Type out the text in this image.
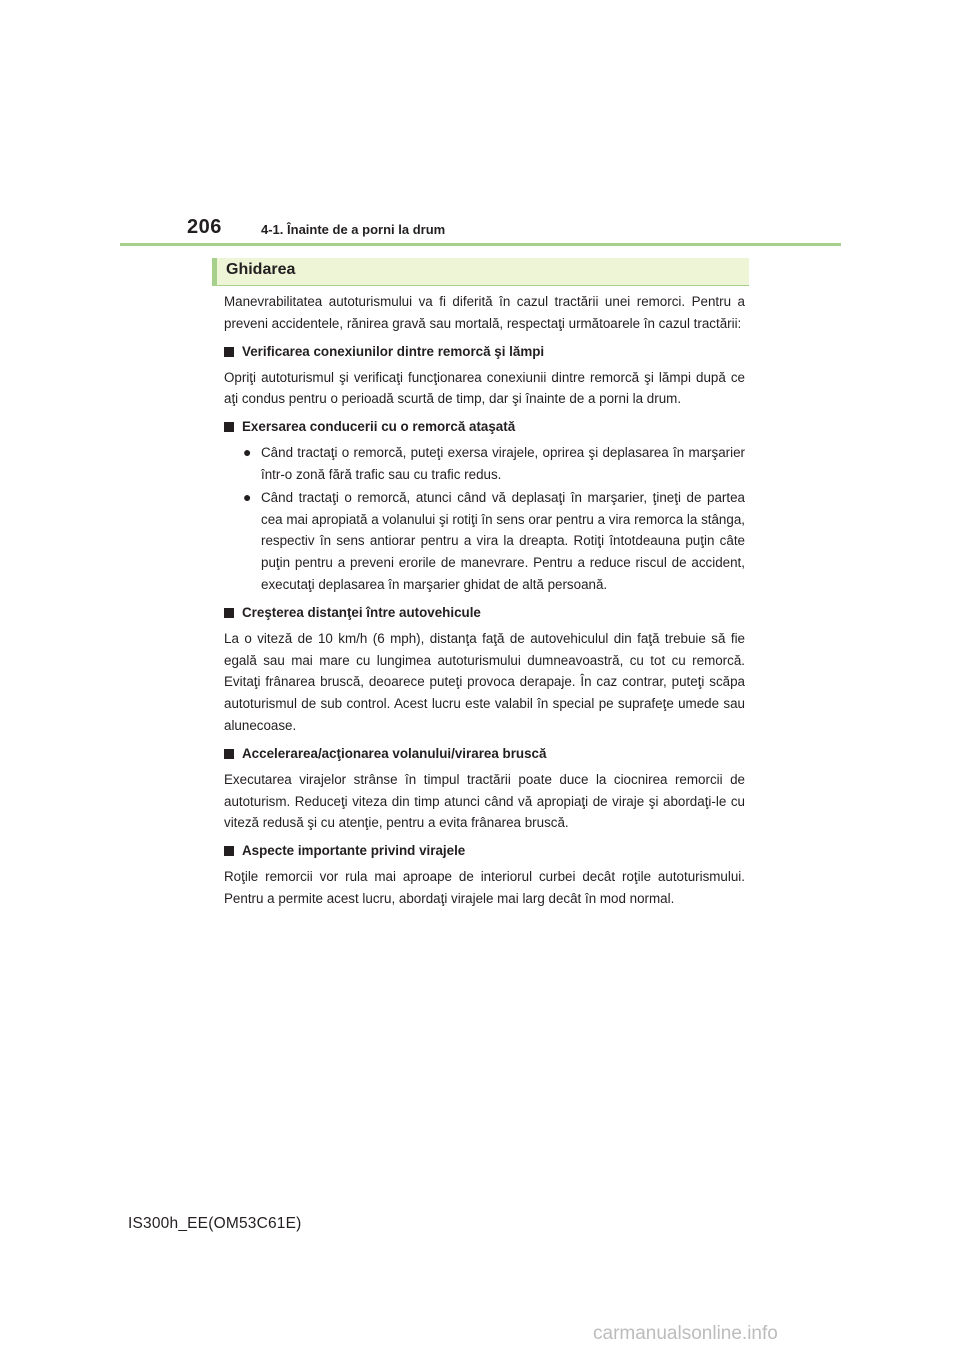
206	4-1. Înainte de a porni la drum
Ghidarea

Manevrabilitatea autoturismului va fi diferită în cazul tractării unei remorci. Pentru a preveni accidentele, rănirea gravă sau mortală, respectaţi următoarele în cazul tractării:

Verificarea conexiunilor dintre remorcă şi lămpi

Opriţi autoturismul şi verificaţi funcţionarea conexiunii dintre remorcă şi lămpi după ce aţi condus pentru o perioadă scurtă de timp, dar şi înainte de a porni la drum.

Exersarea conducerii cu o remorcă ataşată
● Când tractaţi o remorcă, puteţi exersa virajele, oprirea şi deplasarea în marşarier într-o zonă fără trafic sau cu trafic redus.
● Când tractaţi o remorcă, atunci când vă deplasaţi în marşarier, ţineţi de partea cea mai apropiată a volanului şi rotiţi în sens orar pentru a vira remorca la stânga, respectiv în sens antiorar pentru a vira la dreapta. Rotiţi întotdeauna puţin câte puţin pentru a preveni erorile de manevrare. Pentru a reduce riscul de accident, executaţi deplasarea în marşarier ghidat de altă persoană.
Creşterea distanţei între autovehicule

La o viteză de 10 km/h (6 mph), distanţa faţă de autovehiculul din faţă trebuie să fie egală sau mai mare cu lungimea autoturismului dumneavoastră, cu tot cu remorcă. Evitaţi frânarea bruscă, deoarece puteţi provoca derapaje. În caz contrar, puteţi scăpa autoturismul de sub control. Acest lucru este valabil în special pe suprafeţe umede sau alunecoase.

Accelerarea/acţionarea volanului/virarea bruscă

Executarea virajelor strânse în timpul tractării poate duce la ciocnirea remorcii de autoturism. Reduceţi viteza din timp atunci când vă apropiaţi de viraje şi abordaţi-le cu viteză redusă şi cu atenţie, pentru a evita frânarea bruscă.

Aspecte importante privind virajele

Roţile remorcii vor rula mai aproape de interiorul curbei decât roţile autoturismului. Pentru a permite acest lucru, abordaţi virajele mai larg decât în mod normal.

IS300h_EE(OM53C61E)
carmanualsonline.info
